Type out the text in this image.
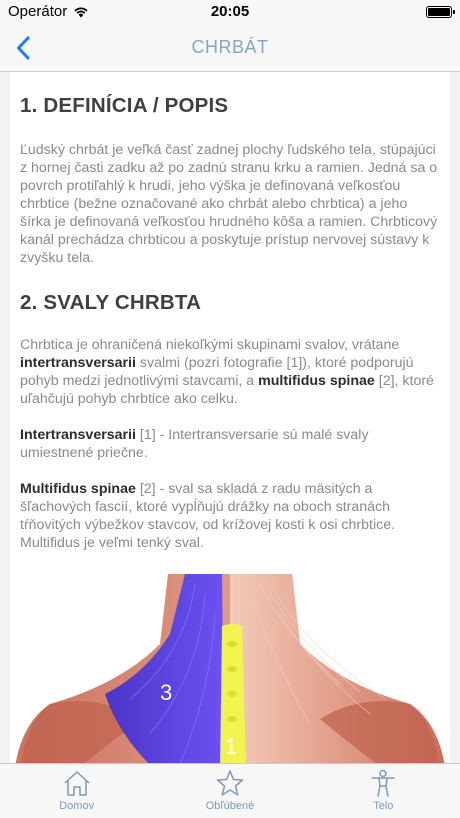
Operátor	20:05
CHRBÁT
1. DEFINÍCIA / POPIS

Ľudský chrbát je veľká časť zadnej plochy ľudského tela, stúpajúci z hornej časti zadku až po zadnú stranu krku a ramien. Jedná sa o povrch protiľahlý k hrudi, jeho výška je definovaná veľkosťou chrbtice (bežne označované ako chrbát alebo chrbtica) a jeho šírka je definovaná veľkosťou hrudného kôša a ramien. Chrbticový kanál prechádza chrbticou a poskytuje prístup nervovej sústavy k zvyšku tela.

2. SVALY CHRBTA

Chrbtica je ohraničená niekoľkými skupinami svalov, vrátane intertransversarii svalmi (pozri fotografie [1]), ktoré podporujú pohyb medzi jednotlivými stavcami, a multifidus spinae [2], ktoré uľahčujú pohyb chrbtice ako celku.

Intertransversarii [1] - Intertransversarie sú malé svaly umiestnené priečne.

Multifidus spinae [2] - sval sa skladá z radu mäsitých a šľachových fascií, ktoré vypĺňujú drážky na oboch stranách tŕňovitých výbežkov stavcov, od krížovej kosti k osi chrbtice. Multifidus je veľmi tenký sval.

3
1
Domov	Obľúbené	Telo
